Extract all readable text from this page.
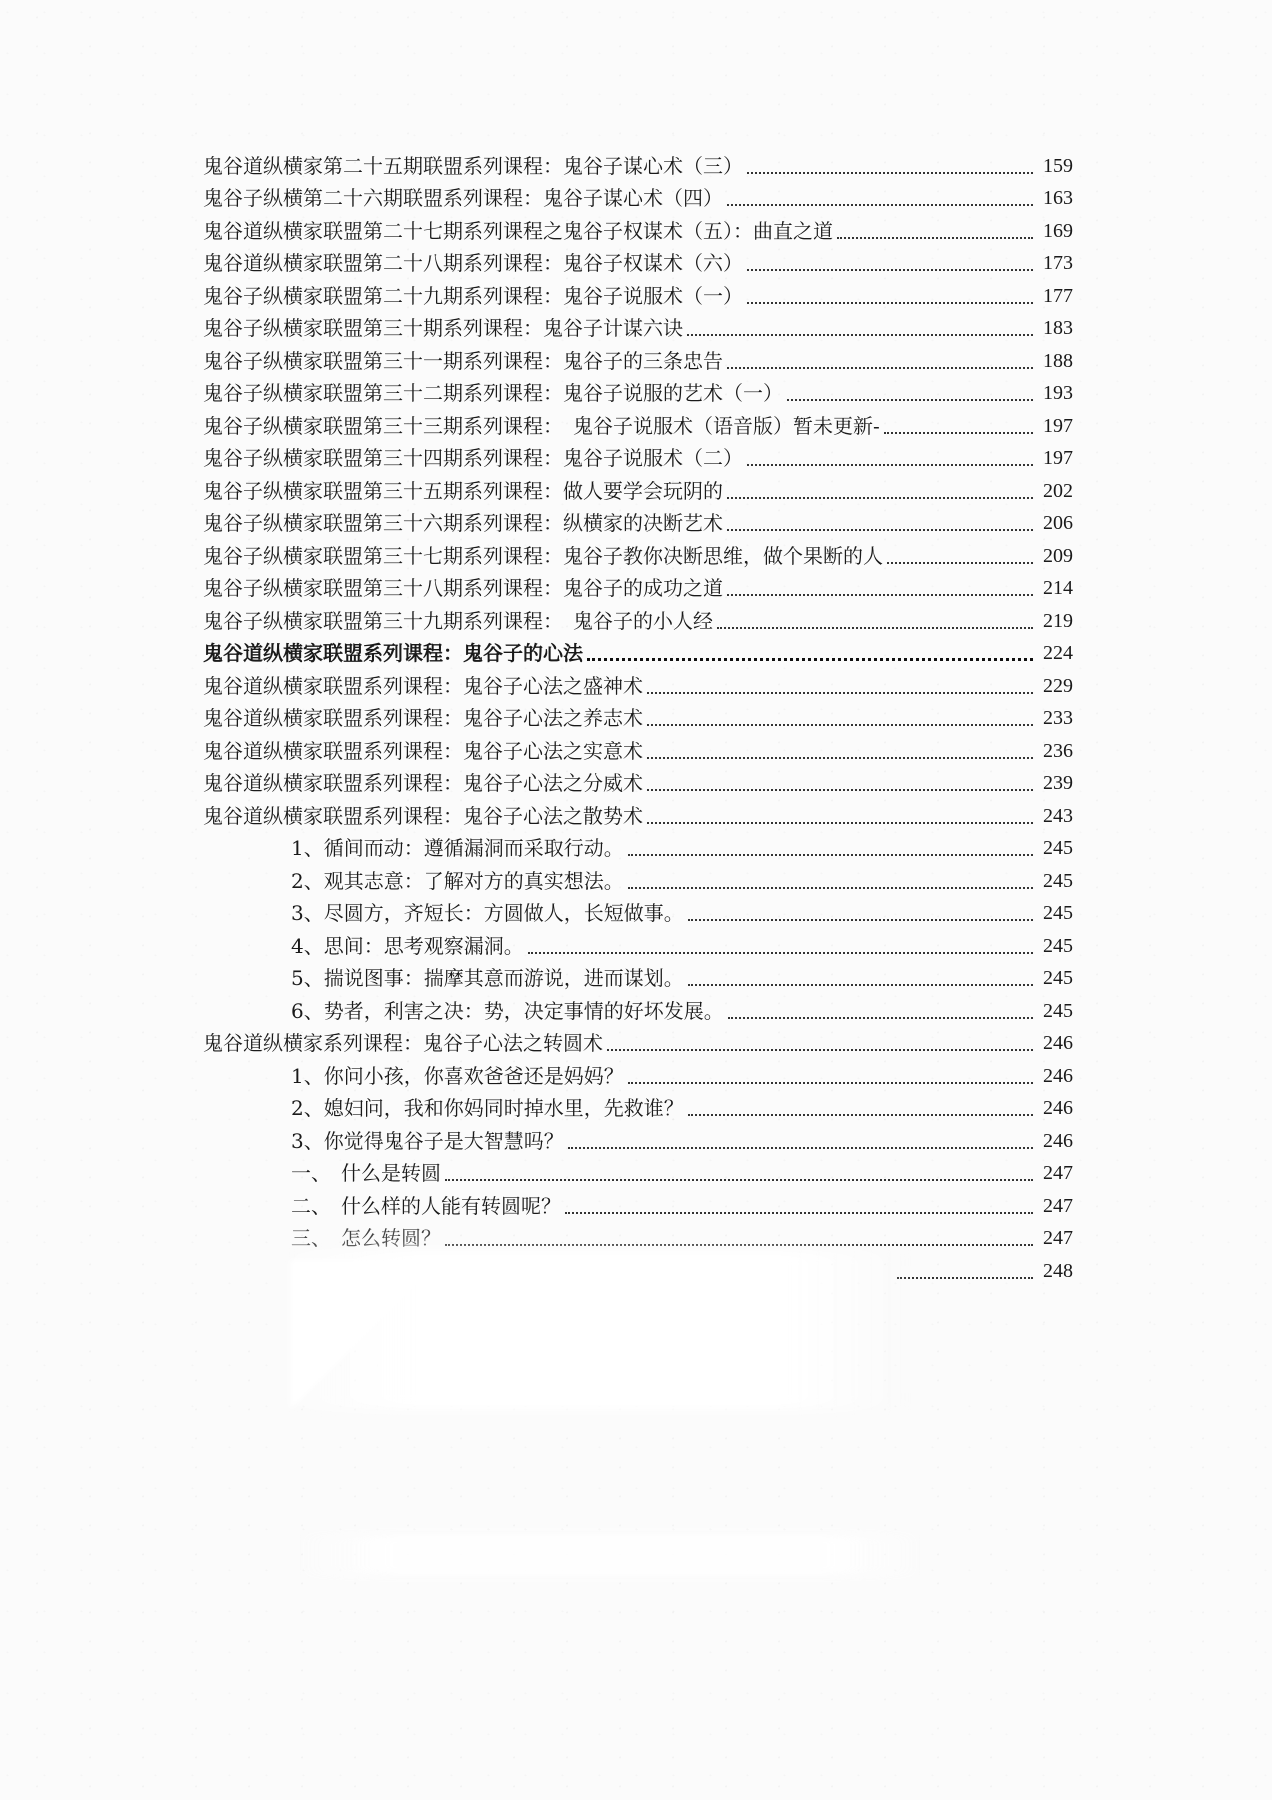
鬼谷道纵横家第二十五期联盟系列课程：鬼谷子谋心术（三）	159
鬼谷子纵横第二十六期联盟系列课程：鬼谷子谋心术（四）	163
鬼谷道纵横家联盟第二十七期系列课程之鬼谷子权谋术（五）：曲直之道	169
鬼谷道纵横家联盟第二十八期系列课程：鬼谷子权谋术（六）	173
鬼谷子纵横家联盟第二十九期系列课程：鬼谷子说服术（一）	177
鬼谷子纵横家联盟第三十期系列课程：鬼谷子计谋六诀	183
鬼谷子纵横家联盟第三十一期系列课程：鬼谷子的三条忠告	188
鬼谷子纵横家联盟第三十二期系列课程：鬼谷子说服的艺术（一）	193
鬼谷子纵横家联盟第三十三期系列课程：　鬼谷子说服术（语音版）暂未更新-	197
鬼谷子纵横家联盟第三十四期系列课程：鬼谷子说服术（二）	197
鬼谷子纵横家联盟第三十五期系列课程：做人要学会玩阴的	202
鬼谷子纵横家联盟第三十六期系列课程：纵横家的决断艺术	206
鬼谷子纵横家联盟第三十七期系列课程：鬼谷子教你决断思维，做个果断的人	209
鬼谷子纵横家联盟第三十八期系列课程：鬼谷子的成功之道	214
鬼谷子纵横家联盟第三十九期系列课程：　鬼谷子的小人经	219
鬼谷道纵横家联盟系列课程：鬼谷子的心法	224
鬼谷道纵横家联盟系列课程：鬼谷子心法之盛神术	229
鬼谷道纵横家联盟系列课程：鬼谷子心法之养志术	233
鬼谷道纵横家联盟系列课程：鬼谷子心法之实意术	236
鬼谷道纵横家联盟系列课程：鬼谷子心法之分威术	239
鬼谷道纵横家联盟系列课程：鬼谷子心法之散势术	243
1、循间而动：遵循漏洞而采取行动。	245
2、观其志意：了解对方的真实想法。	245
3、尽圆方，齐短长：方圆做人，长短做事。	245
4、思间：思考观察漏洞。	245
5、揣说图事：揣摩其意而游说，进而谋划。	245
6、势者，利害之决：势，决定事情的好坏发展。	245
鬼谷道纵横家系列课程：鬼谷子心法之转圆术	246
1、你问小孩，你喜欢爸爸还是妈妈？	246
2、媳妇问，我和你妈同时掉水里，先救谁？	246
3、你觉得鬼谷子是大智慧吗？	246
一、　什么是转圆	247
二、　什么样的人能有转圆呢？	247
三、　怎么转圆？	247
248
